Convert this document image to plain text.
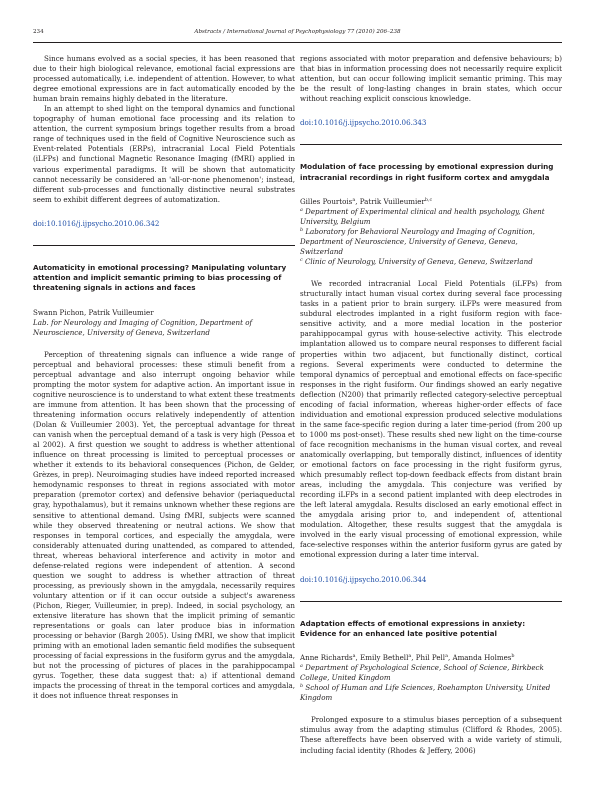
234	Abstracts / International Journal of Psychophysiology 77 (2010) 206–238

Since humans evolved as a social species, it has been reasoned that due to their high biological relevance, emotional facial expressions are processed automatically, i.e. independent of attention. However, to what degree emotional expressions are in fact automatically encoded by the human brain remains highly debated in the literature.

In an attempt to shed light on the temporal dynamics and functional topography of human emotional face processing and its relation to attention, the current symposium brings together results from a broad range of techniques used in the field of Cognitive Neuroscience such as Event-related Potentials (ERPs), intracranial Local Field Potentials (iLFPs) and functional Magnetic Resonance Imaging (fMRI) applied in various experimental paradigms. It will be shown that automaticity cannot necessarily be considered an 'all-or-none phenomenon'; instead, different sub-processes and functionally distinctive neural substrates seem to exhibit different degrees of automatization.

doi:10.1016/j.ijpsycho.2010.06.342
Automaticity in emotional processing? Manipulating voluntary attention and implicit semantic priming to bias processing of threatening signals in actions and faces

Swann Pichon, Patrik Vuilleumier

Lab. for Neurology and Imaging of Cognition, Department of Neuroscience, University of Geneva, Switzerland

Perception of threatening signals can influence a wide range of perceptual and behavioral processes: these stimuli benefit from a perceptual advantage and also interrupt ongoing behavior while prompting the motor system for adaptive action. An important issue in cognitive neuroscience is to understand to what extent these treatments are immune from attention. It has been shown that the processing of threatening information occurs relatively independently of attention (Dolan & Vuilleumier 2003). Yet, the perceptual advantage for threat can vanish when the perceptual demand of a task is very high (Pessoa et al 2002). A first question we sought to address is whether attentional influence on threat processing is limited to perceptual processes or whether it extends to its behavioral consequences (Pichon, de Gelder, Grèzes, in prep). Neuroimaging studies have indeed reported increased hemodynamic responses to threat in regions associated with motor preparation (premotor cortex) and defensive behavior (periaqueductal gray, hypothalamus), but it remains unknown whether these regions are sensitive to attentional demand. Using fMRI, subjects were scanned while they observed threatening or neutral actions. We show that responses in temporal cortices, and especially the amygdala, were considerably attenuated during unattended, as compared to attended, threat, whereas behavioral interference and activity in motor and defense-related regions were independent of attention. A second question we sought to address is whether attraction of threat processing, as previously shown in the amygdala, necessarily requires voluntary attention or if it can occur outside a subject's awareness (Pichon, Rieger, Vuilleumier, in prep). Indeed, in social psychology, an extensive literature has shown that the implicit priming of semantic representations or goals can later produce bias in information processing or behavior (Bargh 2005). Using fMRI, we show that implicit priming with an emotional laden semantic field modifies the subsequent processing of facial expressions in the fusiform gyrus and the amygdala, but not the processing of pictures of places in the parahippocampal gyrus. Together, these data suggest that: a) if attentional demand impacts the processing of threat in the temporal cortices and amygdala, it does not influence threat responses in

regions associated with motor preparation and defensive behaviours; b) that bias in information processing does not necessarily require explicit attention, but can occur following implicit semantic priming. This may be the result of long-lasting changes in brain states, which occur without reaching explicit conscious knowledge.

doi:10.1016/j.ijpsycho.2010.06.343
Modulation of face processing by emotional expression during intracranial recordings in right fusiform cortex and amygdala

Gilles Pourtois$^a$, Patrik Vuilleumier$^{b,c}$

$^a$ Department of Experimental clinical and health psychology, Ghent University, Belgium

$^b$ Laboratory for Behavioral Neurology and Imaging of Cognition, Department of Neuroscience, University of Geneva, Geneva, Switzerland

$^c$ Clinic of Neurology, University of Geneva, Geneva, Switzerland

We recorded intracranial Local Field Potentials (iLFPs) from structurally intact human visual cortex during several face processing tasks in a patient prior to brain surgery. iLFPs were measured from subdural electrodes implanted in a right fusiform region with face-sensitive activity, and a more medial location in the posterior parahippocampal gyrus with house-selective activity. This electrode implantation allowed us to compare neural responses to different facial properties within two adjacent, but functionally distinct, cortical regions. Several experiments were conducted to determine the temporal dynamics of perceptual and emotional effects on face-specific responses in the right fusiform. Our findings showed an early negative deflection (N200) that primarily reflected category-selective perceptual encoding of facial information, whereas higher-order effects of face individuation and emotional expression produced selective modulations in the same face-specific region during a later time-period (from 200 up to 1000 ms post-onset). These results shed new light on the time-course of face recognition mechanisms in the human visual cortex, and reveal anatomically overlapping, but temporally distinct, influences of identity or emotional factors on face processing in the right fusiform gyrus, which presumably reflect top-down feedback effects from distant brain areas, including the amygdala. This conjecture was verified by recording iLFPs in a second patient implanted with deep electrodes in the left lateral amygdala. Results disclosed an early emotional effect in the amygdala arising prior to, and independent of, attentional modulation. Altogether, these results suggest that the amygdala is involved in the early visual processing of emotional expression, while face-selective responses within the anterior fusiform gyrus are gated by emotional expression during a later time interval.

doi:10.1016/j.ijpsycho.2010.06.344
Adaptation effects of emotional expressions in anxiety: Evidence for an enhanced late positive potential

Anne Richards$^a$, Emily Bethell$^a$, Phil Pell$^a$, Amanda Holmes$^b$

$^a$ Department of Psychological Science, School of Science, Birkbeck College, United Kingdom

$^b$ School of Human and Life Sciences, Roehampton University, United Kingdom

Prolonged exposure to a stimulus biases perception of a subsequent stimulus away from the adapting stimulus (Clifford & Rhodes, 2005). These aftereffects have been observed with a wide variety of stimuli, including facial identity (Rhodes & Jeffery, 2006)
